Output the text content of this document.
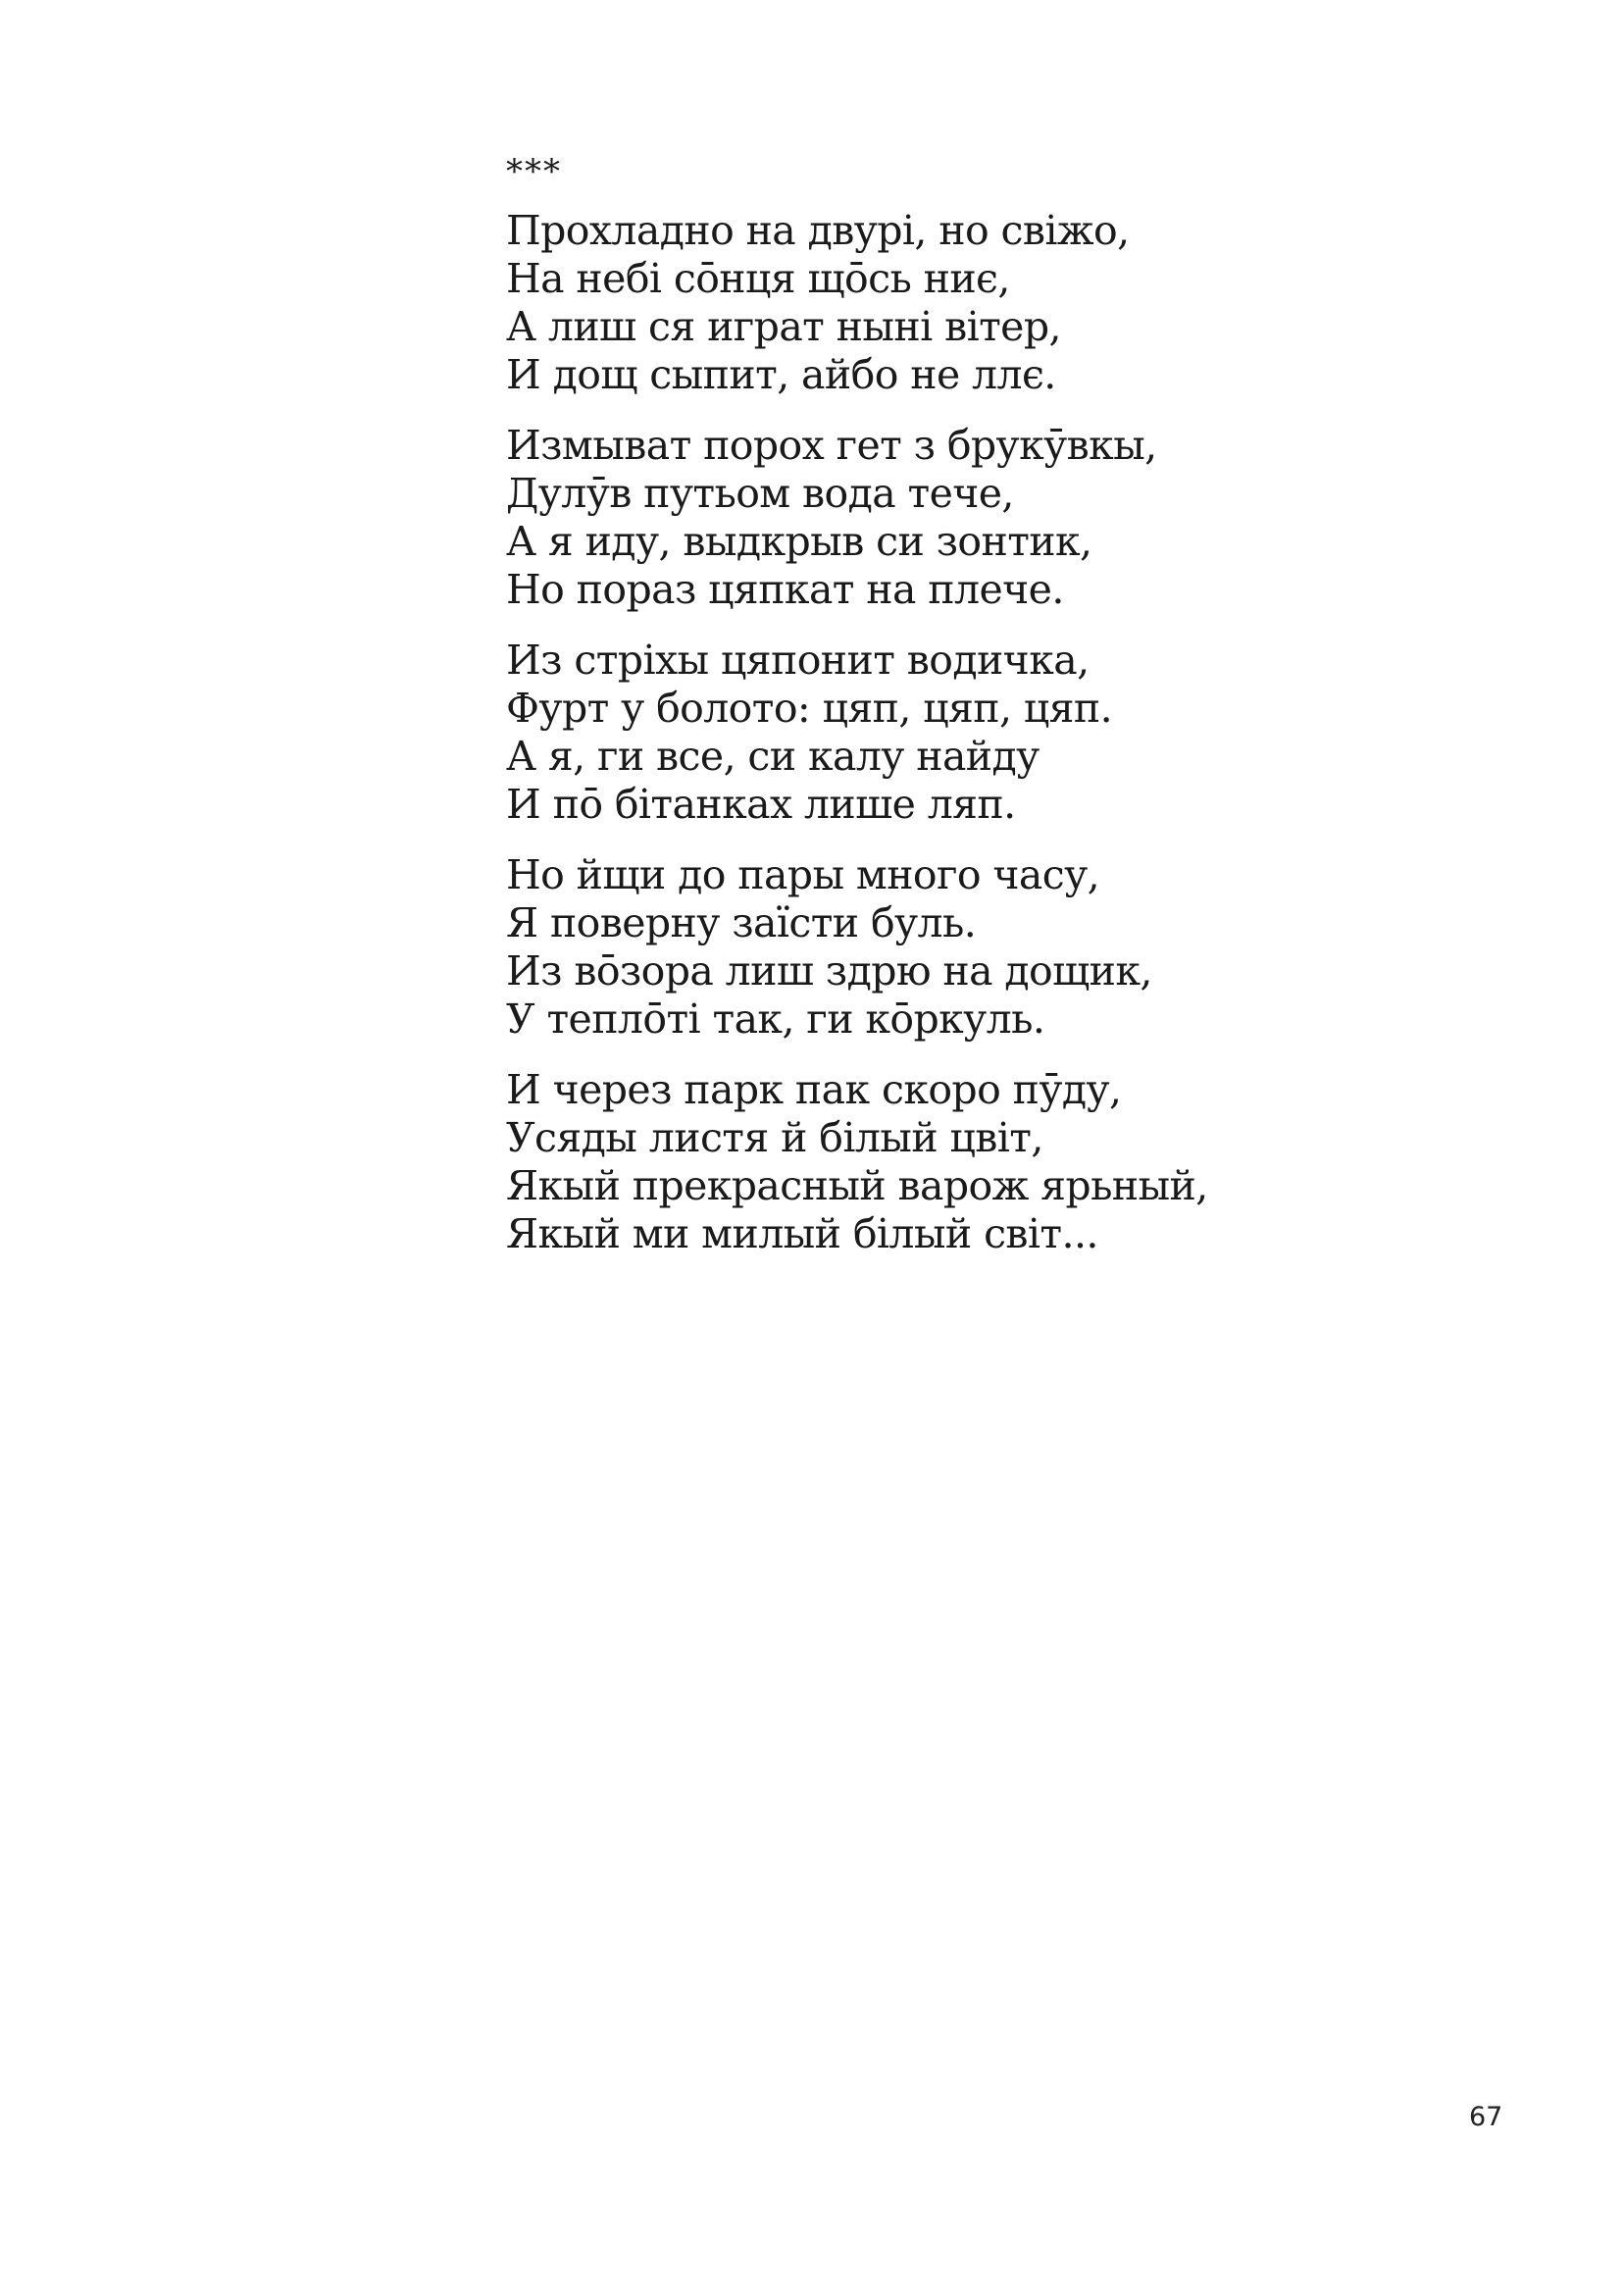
***
Прохладно на двурі, но свіжо,
На небі со̄нця що̄сь ниє,
А лиш ся играт ныні вітер,
И дощ сыпит, айбо не ллє.
Измыват порох гет з брукӯвкы,
Дулӯв путьом вода тече,
А я иду, выдкрыв си зонтик,
Но пораз цяпкат на плече.
Из стріхы цяпонит водичка,
Фурт у болото: цяп, цяп, цяп.
А я, ги все, си калу найду
И по̄ бітанках лише ляп.
Но йщи до пары много часу,
Я поверну заїсти буль.
Из во̄зора лиш здрю на дощик,
У теплōті так, ги ко̄ркуль.
И через парк пак скоро пӯду,
Усяды листя й білый цвіт,
Якый прекрасный варож ярьный,
Якый ми милый білый світ...
67
